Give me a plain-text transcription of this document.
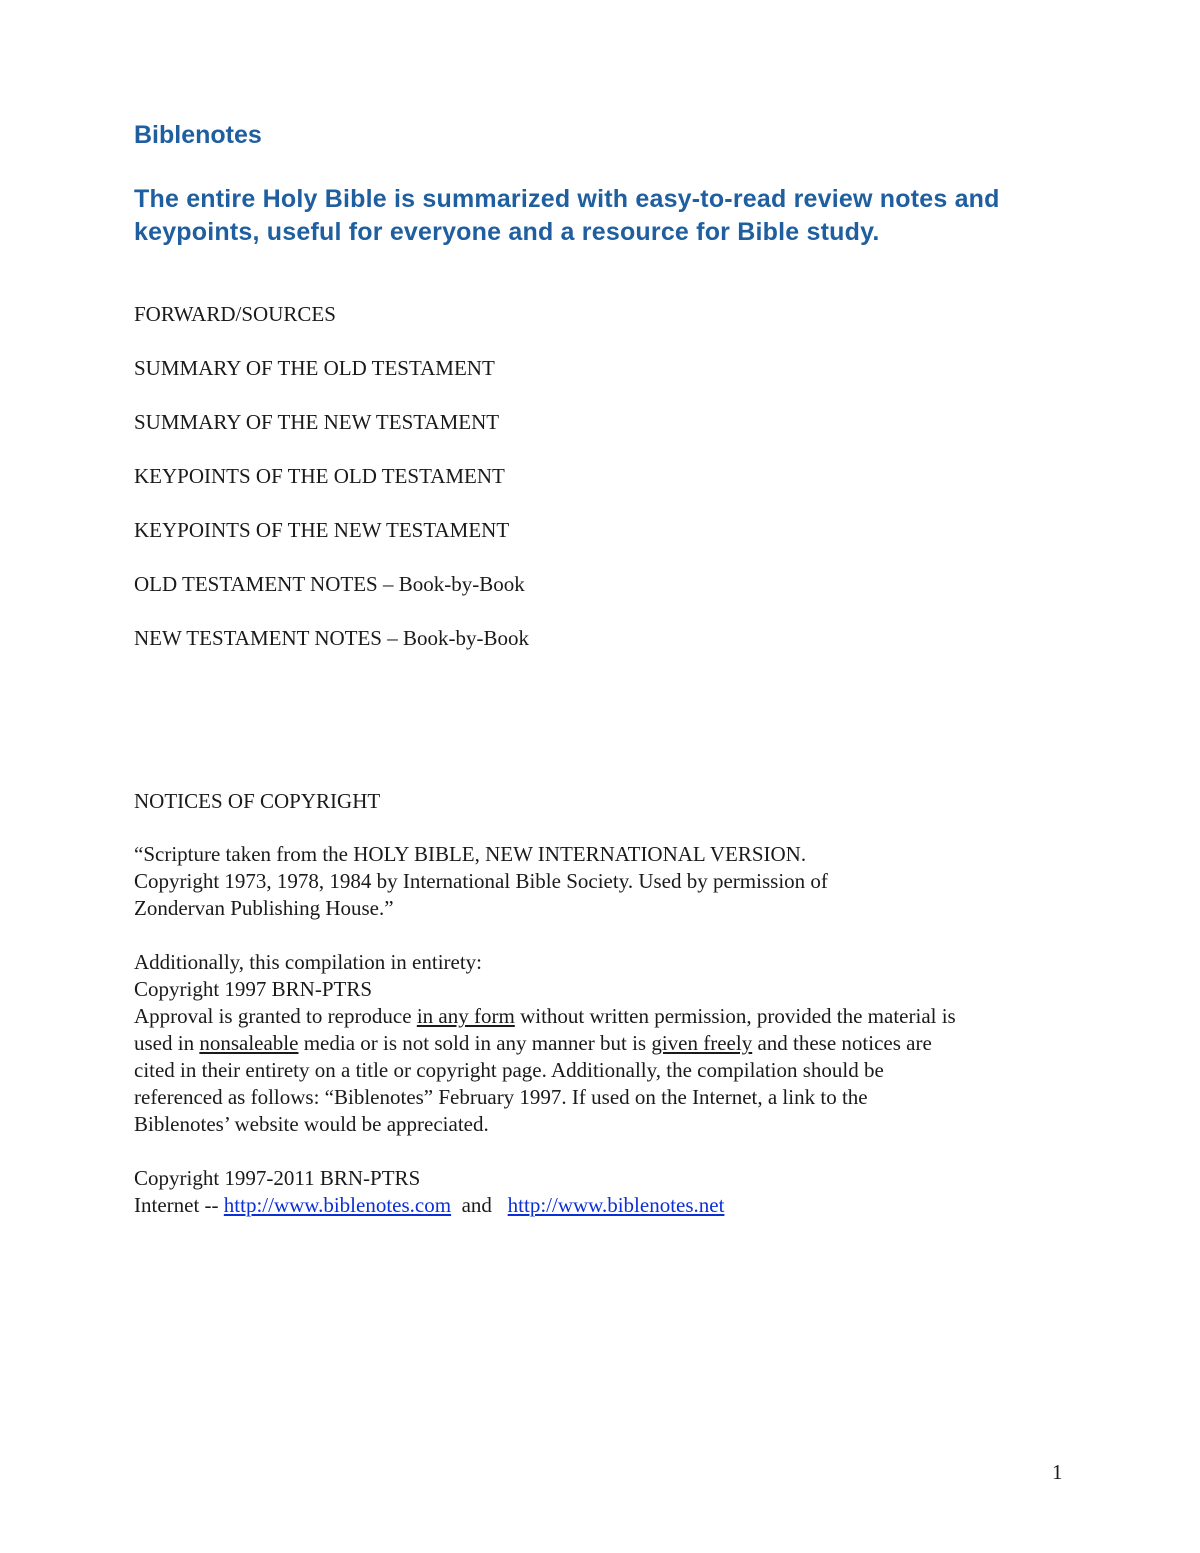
Biblenotes

The entire Holy Bible is summarized with easy-to-read review notes and keypoints, useful for everyone and a resource for Bible study.

FORWARD/SOURCES
SUMMARY OF THE OLD TESTAMENT
SUMMARY OF THE NEW TESTAMENT
KEYPOINTS OF THE OLD TESTAMENT
KEYPOINTS OF THE NEW TESTAMENT
OLD TESTAMENT NOTES – Book-by-Book
NEW TESTAMENT NOTES – Book-by-Book
NOTICES OF COPYRIGHT

“Scripture taken from the HOLY BIBLE, NEW INTERNATIONAL VERSION.
Copyright 1973, 1978, 1984 by International Bible Society. Used by permission of
Zondervan Publishing House.”

Additionally, this compilation in entirety:
Copyright 1997 BRN-PTRS
Approval is granted to reproduce in any form without written permission, provided the material is
used in nonsaleable media or is not sold in any manner but is given freely and these notices are
cited in their entirety on a title or copyright page. Additionally, the compilation should be
referenced as follows: “Biblenotes” February 1997. If used on the Internet, a link to the
Biblenotes’ website would be appreciated.

Copyright 1997-2011 BRN-PTRS
Internet -- http://www.biblenotes.com  and   http://www.biblenotes.net

1
